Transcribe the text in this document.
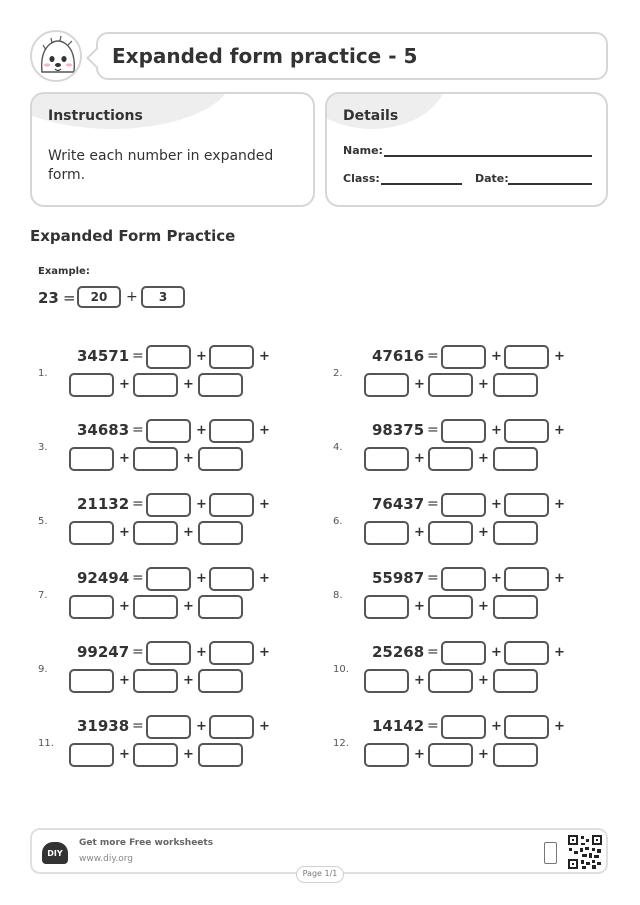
Expanded form practice - 5
Instructions
Write each number in expanded form.
Details
Name:
Class:	Date:
Expanded Form Practice
Example:
23 =	20	+	3
1.
34571 =	+	+
+	+
2.
47616 =	+	+
+	+
3.
34683 =	+	+
+	+
4.
98375 =	+	+
+	+
5.
21132 =	+	+
+	+
6.
76437 =	+	+
+	+
7.
92494 =	+	+
+	+
8.
55987 =	+	+
+	+
9.
99247 =	+	+
+	+
10.
25268 =	+	+
+	+
11.
31938 =	+	+
+	+
12.
14142 =	+	+
+	+
DIY
Get more Free worksheets
www.diy.org
Page 1/1
